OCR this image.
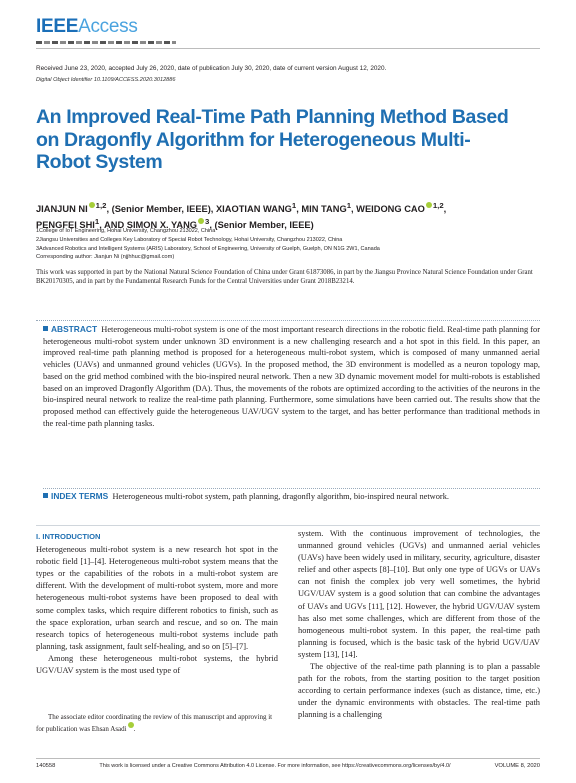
IEEEAccess
Received June 23, 2020, accepted July 26, 2020, date of publication July 30, 2020, date of current version August 12, 2020.
Digital Object Identifier 10.1109/ACCESS.2020.3012886
An Improved Real-Time Path Planning Method Based on Dragonfly Algorithm for Heterogeneous Multi-Robot System
JIANJUN NI $^{1,2}$, (Senior Member, IEEE), XIAOTIAN WANG$^1$, MIN TANG$^1$, WEIDONG CAO $^{1,2}$,
PENGFEI SHI$^1$, AND SIMON X. YANG $^3$, (Senior Member, IEEE)
1College of IoT Engineering, Hohai University, Changzhou 213022, China
2Jiangsu Universities and Colleges Key Laboratory of Special Robot Technology, Hohai University, Changzhou 213022, China
3Advanced Robotics and Intelligent Systems (ARIS) Laboratory, School of Engineering, University of Guelph, Guelph, ON N1G 2W1, Canada
Corresponding author: Jianjun Ni (njjhhuc@gmail.com)
This work was supported in part by the National Natural Science Foundation of China under Grant 61873086, in part by the Jiangsu Province Natural Science Foundation under Grant BK20170305, and in part by the Fundamental Research Funds for the Central Universities under Grant 2018B23214.
ABSTRACT Heterogeneous multi-robot system is one of the most important research directions in the robotic field. Real-time path planning for heterogeneous multi-robot system under unknown 3D environment is a new challenging research and a hot spot in this field. In this paper, an improved real-time path planning method is proposed for a heterogeneous multi-robot system, which is composed of many unmanned aerial vehicles (UAVs) and unmanned ground vehicles (UGVs). In the proposed method, the 3D environment is modelled as a neuron topology map, based on the grid method combined with the bio-inspired neural network. Then a new 3D dynamic movement model for multi-robots is established based on an improved Dragonfly Algorithm (DA). Thus, the movements of the robots are optimized according to the activities of the neurons in the bio-inspired neural network to realize the real-time path planning. Furthermore, some simulations have been carried out. The results show that the proposed method can effectively guide the heterogeneous UAV/UGV system to the target, and has better performance than traditional methods in the real-time path planning tasks.
INDEX TERMS Heterogeneous multi-robot system, path planning, dragonfly algorithm, bio-inspired neural network.
I. INTRODUCTION

Heterogeneous multi-robot system is a new research hot spot in the robotic field [1]–[4]. Heterogeneous multi-robot system means that the types or the capabilities of the robots in a multi-robot system are different. With the development of multi-robot system, more and more heterogeneous multi-robot systems have been proposed to deal with some complex tasks, which require different robotics to finish, such as the space exploration, urban search and rescue, and so on. The main research topics of heterogeneous multi-robot systems include path planning, task assignment, fault self-healing, and so on [5]–[7].

Among these heterogeneous multi-robot systems, the hybrid UGV/UAV system is the most used type of

system. With the continuous improvement of technologies, the unmanned ground vehicles (UGVs) and unmanned aerial vehicles (UAVs) have been widely used in military, security, agriculture, disaster relief and other aspects [8]–[10]. But only one type of UGVs or UAVs can not finish the complex job very well sometimes, the hybrid UGV/UAV system is a good solution that can combine the advantages of UAVs and UGVs [11], [12]. However, the hybrid UGV/UAV system has also met some challenges, which are different from those of the homogeneous multi-robot system. In this paper, the real-time path planning is focused, which is the basic task of the hybrid UGV/UAV system [13], [14].

The objective of the real-time path planning is to plan a passable path for the robots, from the starting position to the target position according to certain performance indexes (such as distance, time, etc.) under the dynamic environments with obstacles. The real-time path planning is a challenging

The associate editor coordinating the review of this manuscript and approving it for publication was Ehsan Asadi .
140558	This work is licensed under a Creative Commons Attribution 4.0 License. For more information, see https://creativecommons.org/licenses/by/4.0/	VOLUME 8, 2020
